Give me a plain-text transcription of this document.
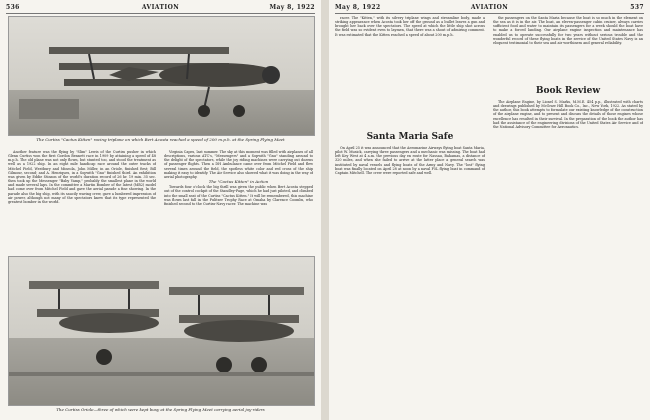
536	AVIATION	May 8, 1922
The Curtiss "Cactus Kitten" racing triplane on which Bert Acosta reached a speed of 200 m.p.h. at the Spring Flying Meet

Another feature was the flying by "Slim" Lewis of the Curtiss pusher in which Glenn Curtiss won the first Gordon Bennett race in 1909 by attaining a speed of 48 m.p.h. The old plane was not only flown, but stunted too, and stood the treatment as well as a 1922 ship. In an eight mile handicap race around the outer tracks of Mitchel Field, Westbury and Mineola, John Miller, in an Oriole, finished first; Bill Gilmour, second; and A. Henriques, in a Sopwith "Gnu" finished third. An exhibition was given by Eddie Stinson of the world's duration record of 26 hr. 19 min. 35 sec. then took up the Messenger "Baby Vamp," probably the smallest plane in the world and made several laps. In the committee a Martin Bomber of the latest (MB2) model had come over from Mitchel Field and gave the aerial parade a fine showing. In the parade also the big ship, with its saucily waving crew, gave a lumbered impression of air power, although not many of the spectators knew that its type represented the greatest bomber in the world.

Virginia Capes, last summer. The sky at this moment was filled with airplanes of all descriptions, various ATC's, "Messengers" and a Sopwith "Gnu" standing around to the delight of the spectators, while the joy riding machines were carrying out dozens of passenger flights. Then a DH Ambulance came over from Mitchel Field and flew several times around the field, the spotless white color and red cross of the ship making it easy to identify. The Air Service also showed what it was doing in the way of aerial photography.

The "Cactus Kitten" in Action

Towards four o'clock the big thrill was given the public when Bert Acosta stepped out of the control cockpit of the Standley-Page, which he had just piloted, and climbed into the small seat of the Curtiss "Cactus Kitten." It will be remembered, this machine was flown last fall in the Pulitzer Trophy Race at Omaha by Clarence Coombs, who finished second to the Curtiss-Navy racer. The machine was

The Curtiss Oriole—three of which were kept busy at the Spring Flying Meet carrying aerial joy-riders
May 8, 1922	AVIATION	537

racer. The "Kitten," with its silvery triplane wings and streamline body, made a striking appearance when Acosta took her off the ground as a bullet leaves a gun and brought her back over the spectators. The speed at which the little ship shot across the field was so evident even to laymen, that there was a shout of admiring comment. It was estimated that the Kitten reached a speed of about 200 m.p.h.

Santa Maria Safe

On April 25 it was announced that the Aeromarine Airways flying boat Santa Maria, pilot W. Musick, carrying three passengers and a mechanic was missing. The boat had left Key West at 4 a.m. the previous day en route for Nassau, Bahamas, a distance of 320 miles, and when she failed to arrive at the latter place a general search was instituted by naval vessels and flying boats of the Army and Navy. The "lost" flying boat was finally located on April 28 at noon by a naval F5L flying boat in command of Captain Mitchell. The crew were reported safe and well.

the passengers on the Santa Maria because the boat is so much in the element on the sea as it is in the air. The boat, an eleven-passenger cabin cruiser, always carries sufficient food and water to maintain its passengers for a week should the boat have to make a forced landing. Our airplane engine inspection and maintenance has enabled us to operate successfully for two years without serious trouble and the wonderful record of these flying boats in the service of the United States Navy is an eloquent testimonial to their sea and air worthiness and general reliability.

Book Review

The Airplane Engine, by Lionel S. Marks, M.M.E. 454 p.p., illustrated with charts and drawings published by McGraw Hill Book Co., Inc., New York, 1922. As stated by the author, this book attempts to formulate our existing knowledge of the construction of the airplane engine, and to present and discuss the details of those engines whose excellence has resulted in their survival. In the preparation of the book the author has had the assistance of the engineering divisions of the United States Air Service and of the National Advisory Committee for Aeronautics.
